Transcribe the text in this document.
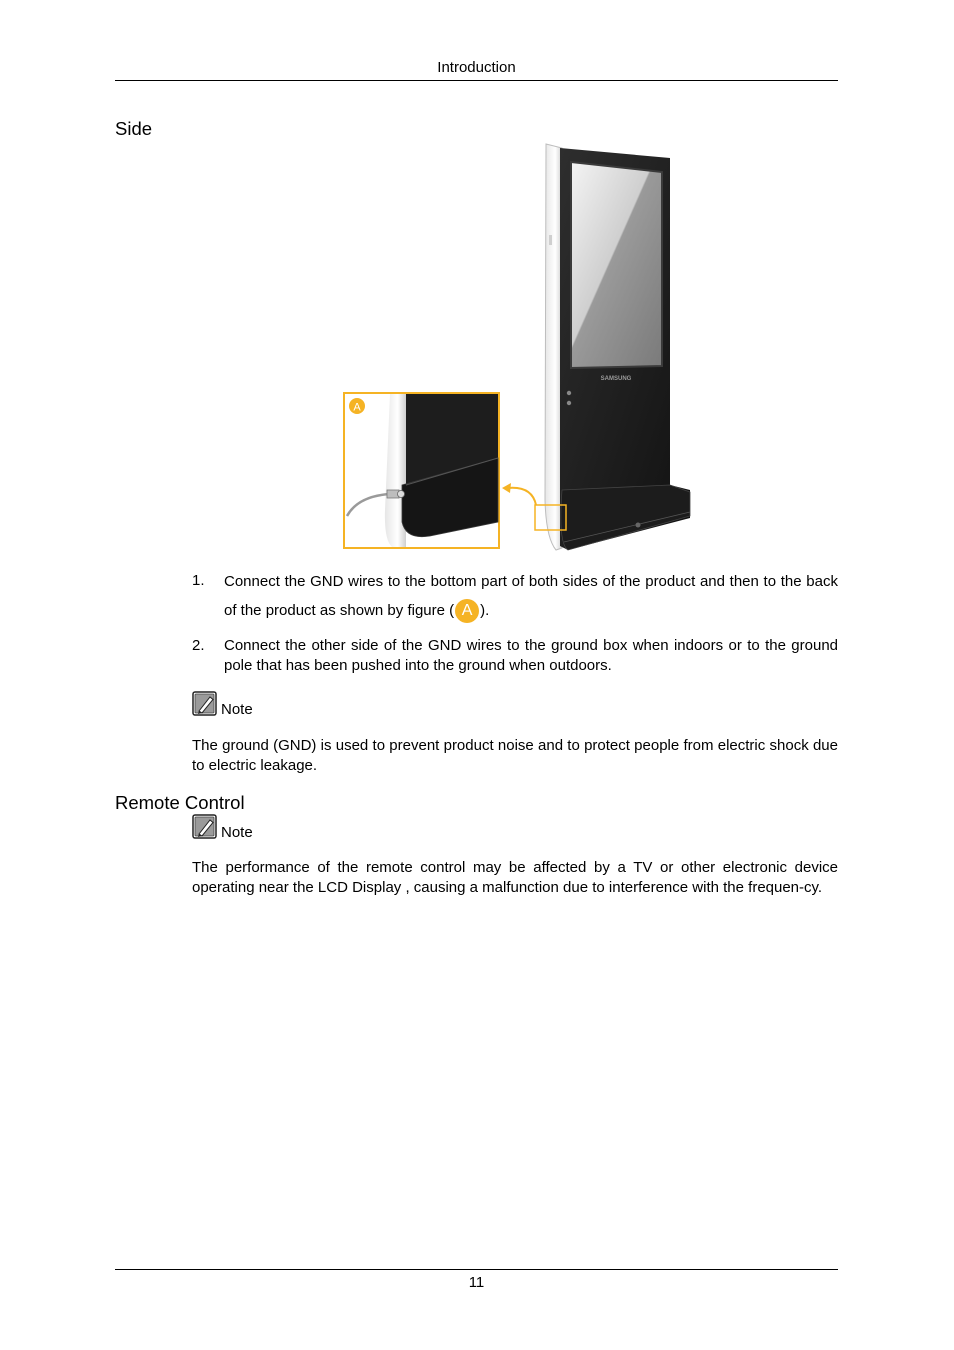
Introduction
Side
SAMSUNG
A
1. Connect the GND wires to the bottom part of both sides of the product and then to the back of the product as shown by figure ( A ).
2. Connect the other side of the GND wires to the ground box when indoors or to the ground pole that has been pushed into the ground when outdoors.
Note
The ground (GND) is used to prevent product noise and to protect people from electric shock due to electric leakage.
Remote Control
Note
The performance of the remote control may be affected by a TV or other electronic device operating near the LCD Display , causing a malfunction due to interference with the frequen-cy.
11
